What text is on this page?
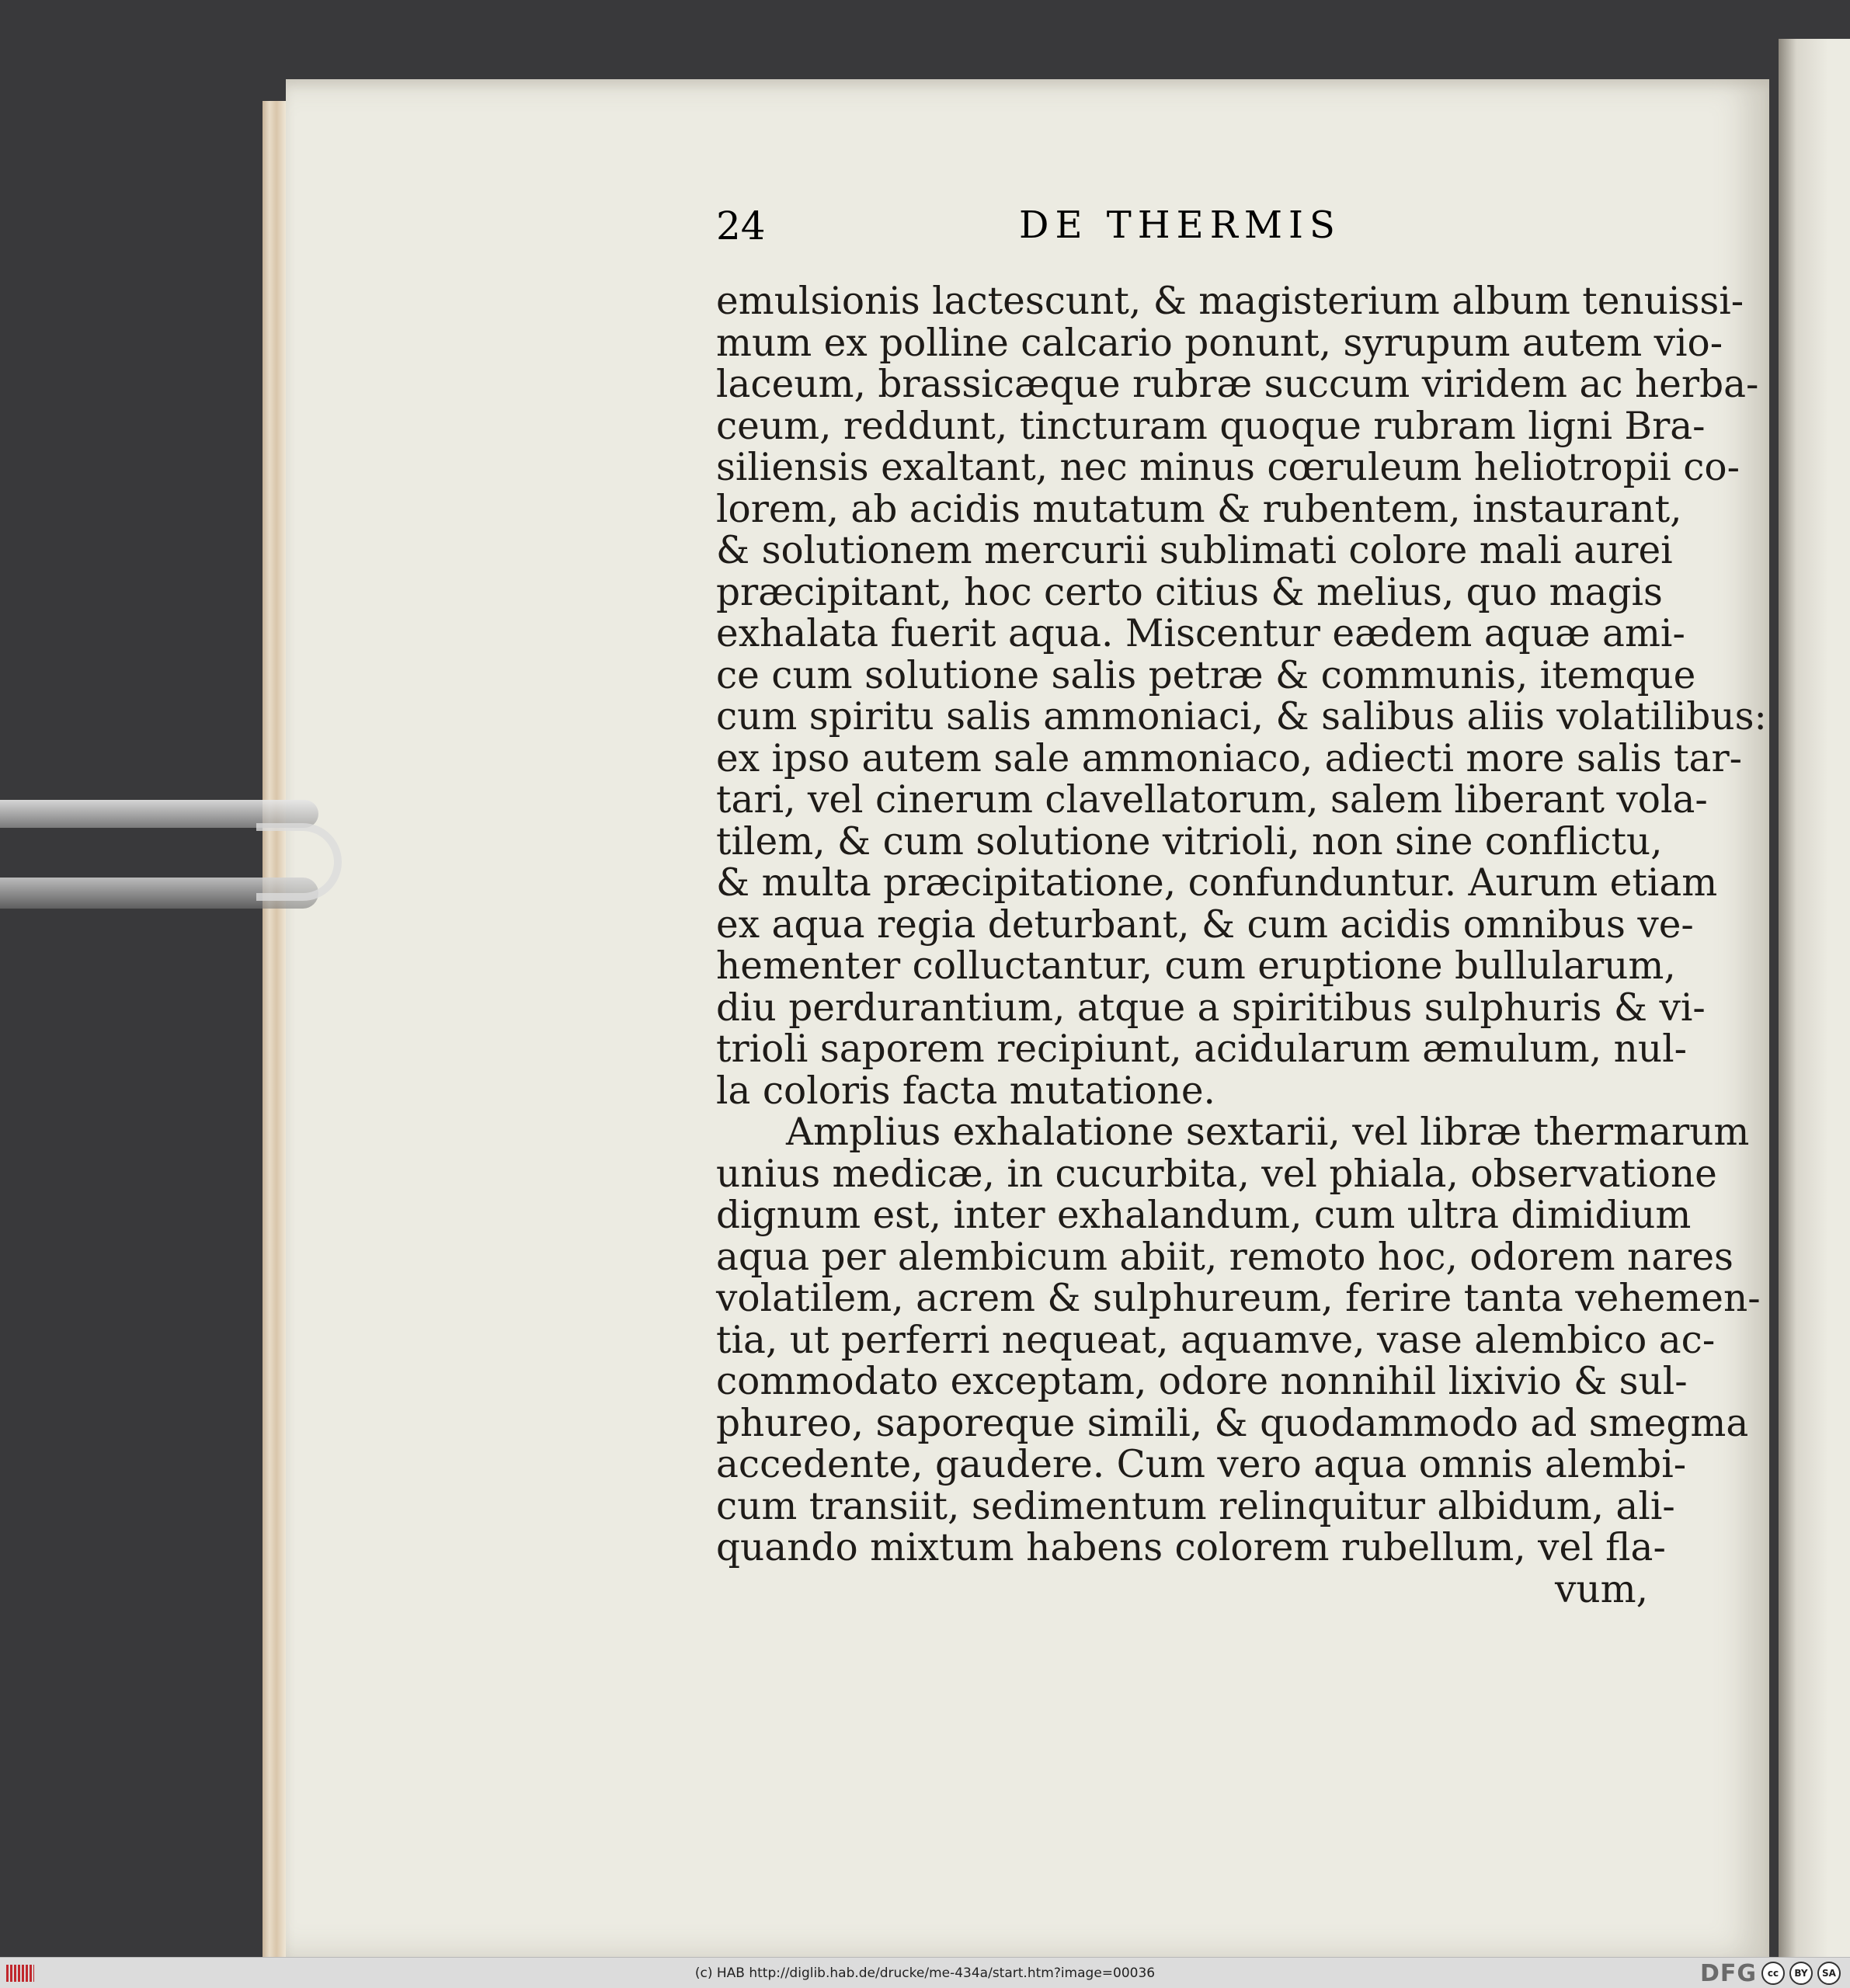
24	DE THERMIS
emulsionis lactescunt, & magisterium album tenuissi-
mum ex polline calcario ponunt, syrupum autem vio-
laceum, brassicæque rubræ succum viridem ac herba-
ceum, reddunt, tincturam quoque rubram ligni Bra-
siliensis exaltant, nec minus cœruleum heliotropii co-
lorem, ab acidis mutatum & rubentem, instaurant,
& solutionem mercurii sublimati colore mali aurei
præcipitant, hoc certo citius & melius, quo magis
exhalata fuerit aqua. Miscentur eædem aquæ ami-
ce cum solutione salis petræ & communis, itemque
cum spiritu salis ammoniaci, & salibus aliis volatilibus:
ex ipso autem sale ammoniaco, adiecti more salis tar-
tari, vel cinerum clavellatorum, salem liberant vola-
tilem, & cum solutione vitrioli, non sine conflictu,
& multa præcipitatione, confunduntur. Aurum etiam
ex aqua regia deturbant, & cum acidis omnibus ve-
hementer colluctantur, cum eruptione bullularum,
diu perdurantium, atque a spiritibus sulphuris & vi-
trioli saporem recipiunt, acidularum æmulum, nul-
la coloris facta mutatione.
Amplius exhalatione sextarii, vel libræ thermarum
unius medicæ, in cucurbita, vel phiala, observatione
dignum est, inter exhalandum, cum ultra dimidium
aqua per alembicum abiit, remoto hoc, odorem nares
volatilem, acrem & sulphureum, ferire tanta vehemen-
tia, ut perferri nequeat, aquamve, vase alembico ac-
commodato exceptam, odore nonnihil lixivio & sul-
phureo, saporeque simili, & quodammodo ad smegma
accedente, gaudere. Cum vero aqua omnis alembi-
cum transiit, sedimentum relinquitur albidum, ali-
quando mixtum habens colorem rubellum, vel fla-
vum,
(c) HAB http://diglib.hab.de/drucke/me-434a/start.htm?image=00036	DFG	cc	BY	SA
